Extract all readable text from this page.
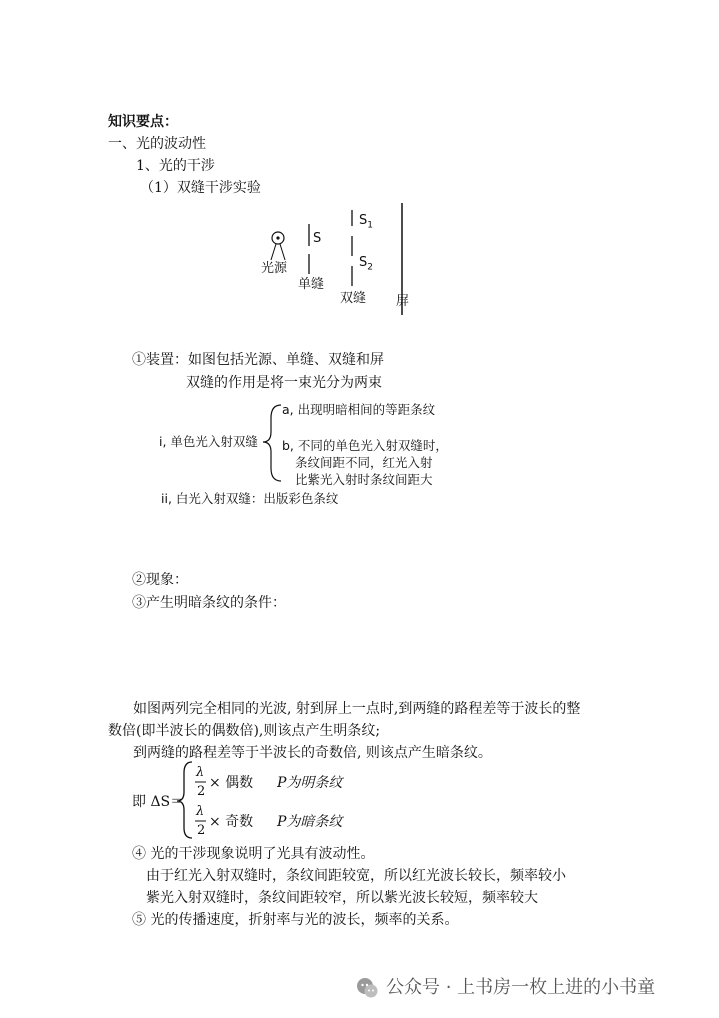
知识要点：
一、光的波动性
1、光的干涉
（1）双缝干涉实验
光源
S
单缝
$S_1$
$S_2$
双缝 屏
①装置：如图包括光源、单缝、双缝和屏
双缝的作用是将一束光分为两束
i, 单色光入射双缝
a, 出现明暗相间的等距条纹
b, 不同的单色光入射双缝时，
条纹间距不同，红光入射
比紫光入射时条纹间距大
ii, 白光入射双缝：出版彩色条纹
②现象：
③产生明暗条纹的条件：
如图两列完全相同的光波, 射到屏上一点时,到两缝的路程差等于波长的整
数倍(即半波长的偶数倍),则该点产生明条纹;
到两缝的路程差等于半波长的奇数倍, 则该点产生暗条纹。
即 ΔS＝
λ
2
× 偶数 P为明条纹
λ
2
× 奇数 P为暗条纹
④ 光的干涉现象说明了光具有波动性。
由于红光入射双缝时，条纹间距较宽，所以红光波长较长，频率较小
紫光入射双缝时，条纹间距较窄，所以紫光波长较短，频率较大
⑤ 光的传播速度，折射率与光的波长，频率的关系。
公众号 · 上书房一枚上进的小书童
